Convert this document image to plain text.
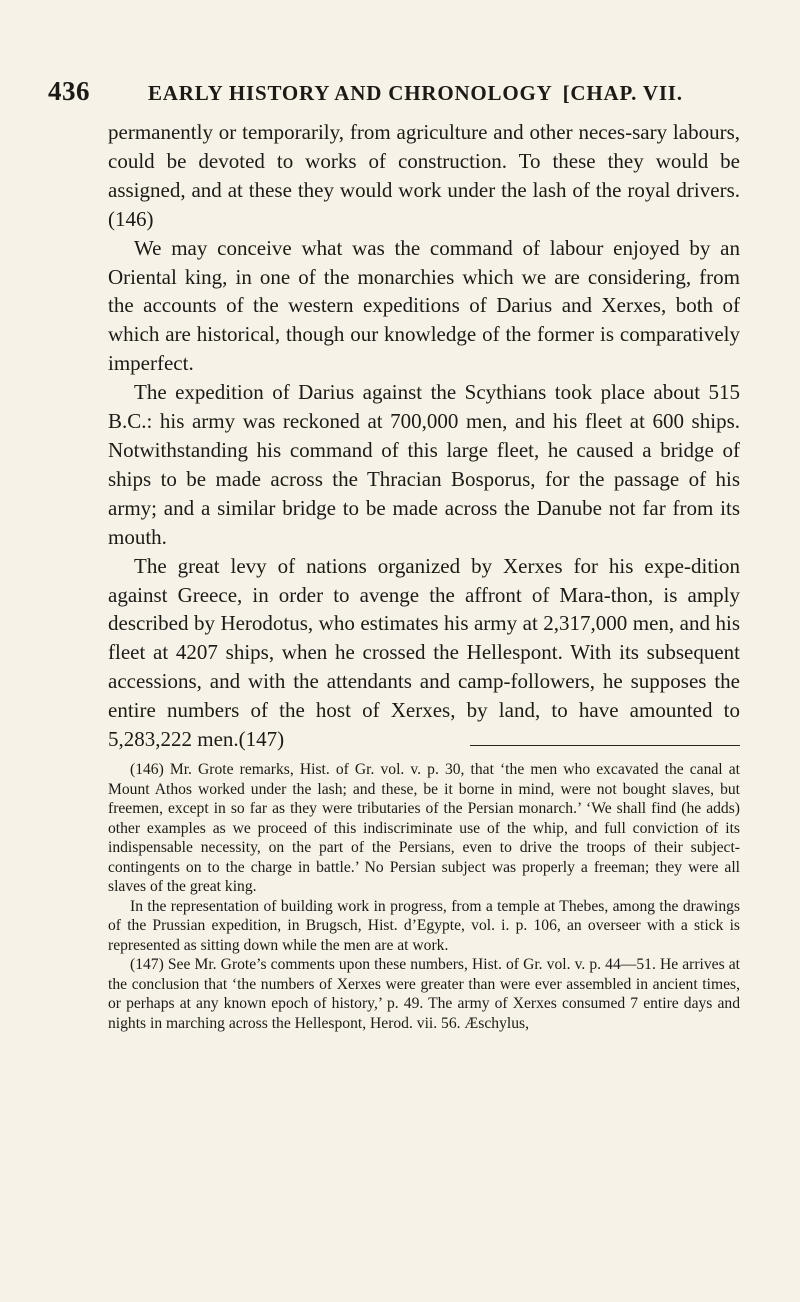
436	EARLY HISTORY AND CHRONOLOGY [CHAP. VII.

permanently or temporarily, from agriculture and other neces-sary labours, could be devoted to works of construction. To these they would be assigned, and at these they would work under the lash of the royal drivers.(146)

We may conceive what was the command of labour enjoyed by an Oriental king, in one of the monarchies which we are considering, from the accounts of the western expeditions of Darius and Xerxes, both of which are historical, though our knowledge of the former is comparatively imperfect.

The expedition of Darius against the Scythians took place about 515 B.C.: his army was reckoned at 700,000 men, and his fleet at 600 ships. Notwithstanding his command of this large fleet, he caused a bridge of ships to be made across the Thracian Bosporus, for the passage of his army; and a similar bridge to be made across the Danube not far from its mouth.

The great levy of nations organized by Xerxes for his expe-dition against Greece, in order to avenge the affront of Mara-thon, is amply described by Herodotus, who estimates his army at 2,317,000 men, and his fleet at 4207 ships, when he crossed the Hellespont. With its subsequent accessions, and with the attendants and camp-followers, he supposes the entire numbers of the host of Xerxes, by land, to have amounted to 5,283,222 men.(147)

(146) Mr. Grote remarks, Hist. of Gr. vol. v. p. 30, that ‘the men who excavated the canal at Mount Athos worked under the lash; and these, be it borne in mind, were not bought slaves, but freemen, except in so far as they were tributaries of the Persian monarch.’ ‘We shall find (he adds) other examples as we proceed of this indiscriminate use of the whip, and full conviction of its indispensable necessity, on the part of the Persians, even to drive the troops of their subject-contingents on to the charge in battle.’ No Persian subject was properly a freeman; they were all slaves of the great king.

In the representation of building work in progress, from a temple at Thebes, among the drawings of the Prussian expedition, in Brugsch, Hist. d’Egypte, vol. i. p. 106, an overseer with a stick is represented as sitting down while the men are at work.

(147) See Mr. Grote’s comments upon these numbers, Hist. of Gr. vol. v. p. 44—51. He arrives at the conclusion that ‘the numbers of Xerxes were greater than were ever assembled in ancient times, or perhaps at any known epoch of history,’ p. 49. The army of Xerxes consumed 7 entire days and nights in marching across the Hellespont, Herod. vii. 56. Æschylus,
